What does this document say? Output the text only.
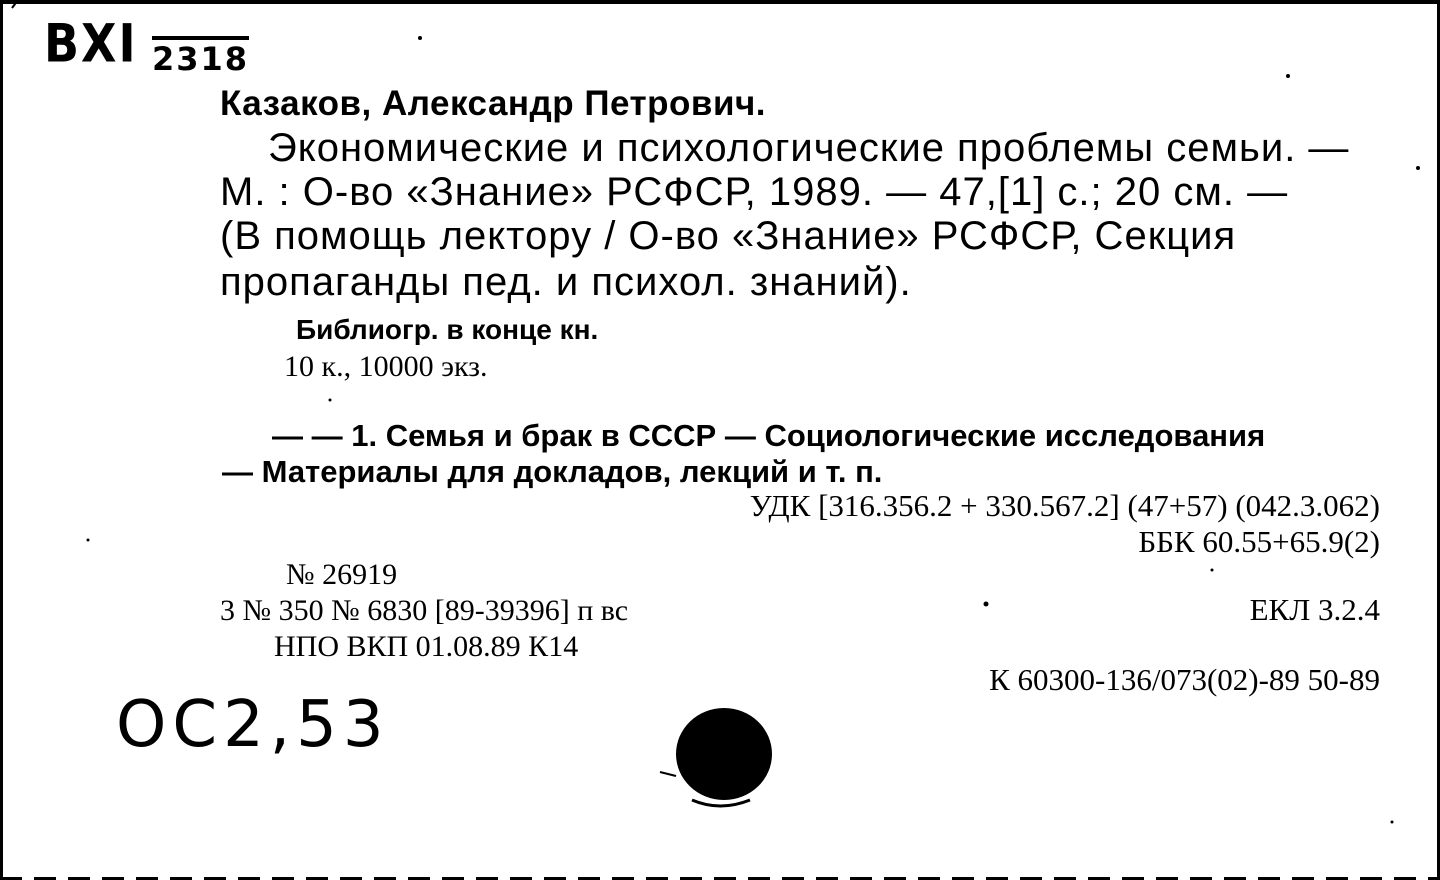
ВХI 2318
Казаков, Александр Петрович.
Экономические и психологические проблемы семьи. —
М. : О-во «Знание» РСФСР, 1989. — 47,[1] с.; 20 см. —
(В помощь лектору / О-во «Знание» РСФСР, Секция
пропаганды пед. и психол. знаний).
Библиогр. в конце кн.
10 к., 10000 экз.
— — 1. Семья и брак в СССР — Социологические исследования
— Материалы для докладов, лекций и т. п.
УДК [316.356.2 + 330.567.2] (47+57) (042.3.062)
ББК 60.55+65.9(2)
№ 26919
3 № 350 № 6830 [89-39396] п вс
НПО ВКП 01.08.89 К14
ЕКЛ 3.2.4
К 60300-136/073(02)-89 50-89
ОС2,53
